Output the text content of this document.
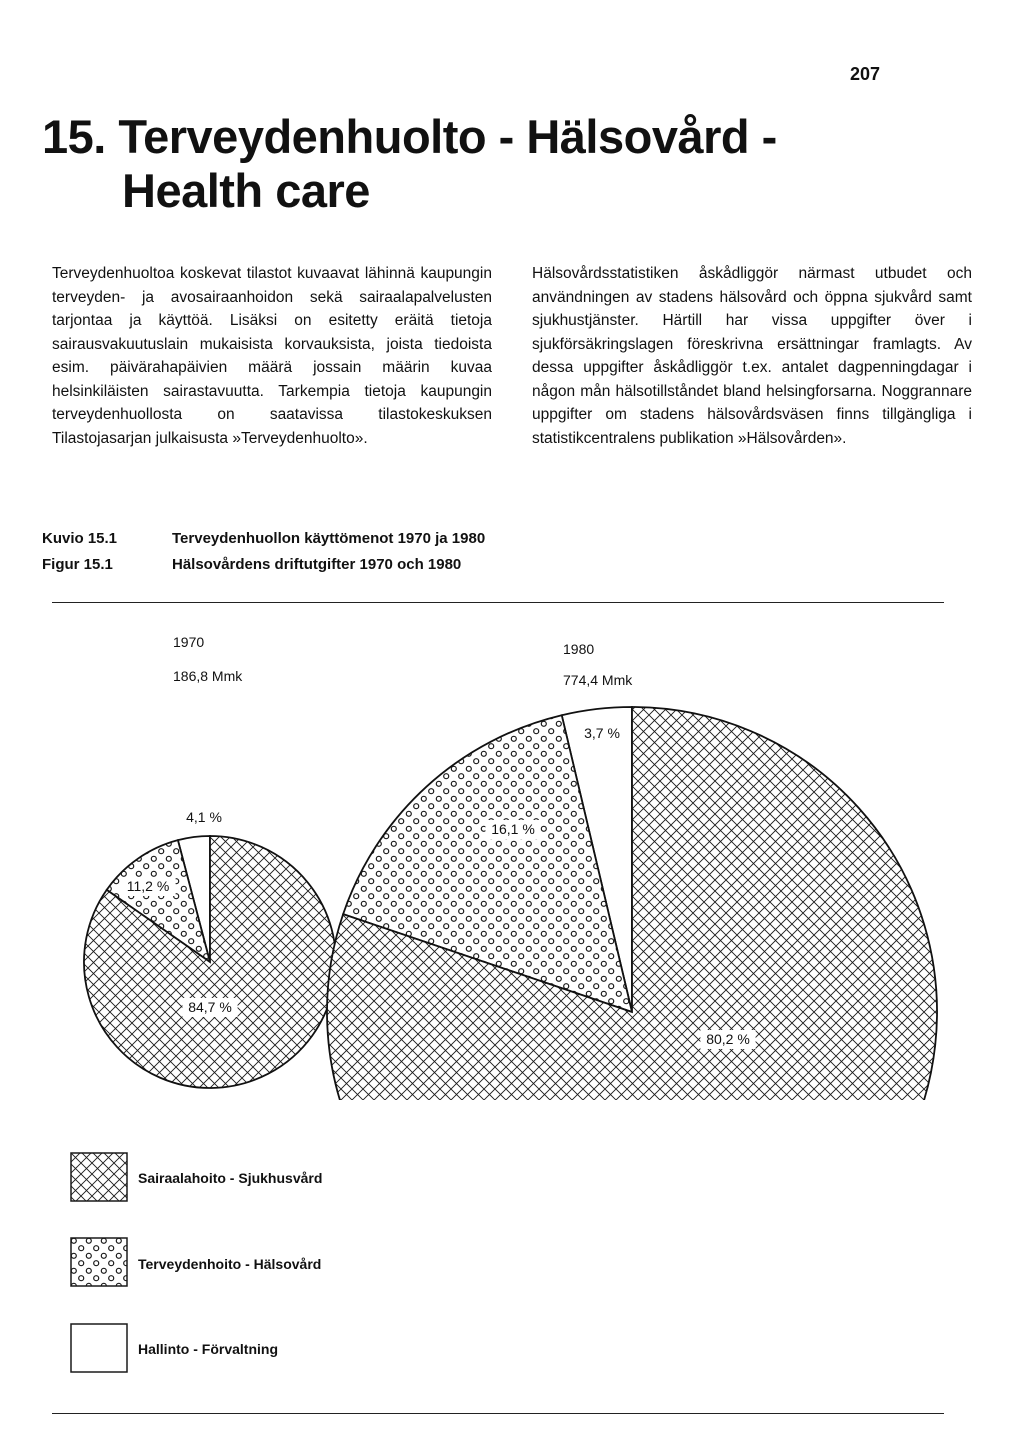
207
15. Terveydenhuolto - Hälsovård -
Health care
Terveydenhuoltoa koskevat tilastot kuvaavat lähinnä kaupungin terveyden- ja avosairaanhoidon sekä sairaalapalvelusten tarjontaa ja käyttöä. Lisäksi on esitetty eräitä tietoja sairausvakuutuslain mukaisista korvauksista, joista tiedoista esim. päivärahapäivien määrä jossain määrin kuvaa helsinkiläisten sairastavuutta. Tarkempia tietoja kaupungin terveydenhuollosta on saatavissa tilastokeskuksen Tilastojasarjan julkaisusta »Terveydenhuolto».
Hälsovårdsstatistiken åskådliggör närmast utbudet och användningen av stadens hälsovård och öppna sjukvård samt sjukhustjänster. Härtill har vissa uppgifter över i sjukförsäkringslagen föreskrivna ersättningar framlagts. Av dessa uppgifter åskådliggör t.ex. antalet dagpenningdagar i någon mån hälsotillståndet bland helsingforsarna. Noggrannare uppgifter om stadens hälsovårdsväsen finns tillgängliga i statistikcentralens publikation »Hälsovården».
Kuvio 15.1	Terveydenhuollon käyttömenot 1970 ja 1980
Figur 15.1	Hälsovårdens driftutgifter 1970 och 1980
1970
186,8 Mmk
1980
774,4 Mmk
84,7 %
11,2 %
4,1 %
80,2 %
16,1 %
3,7 %
Sairaalahoito - Sjukhusvård
Terveydenhoito - Hälsovård
Hallinto - Förvaltning
